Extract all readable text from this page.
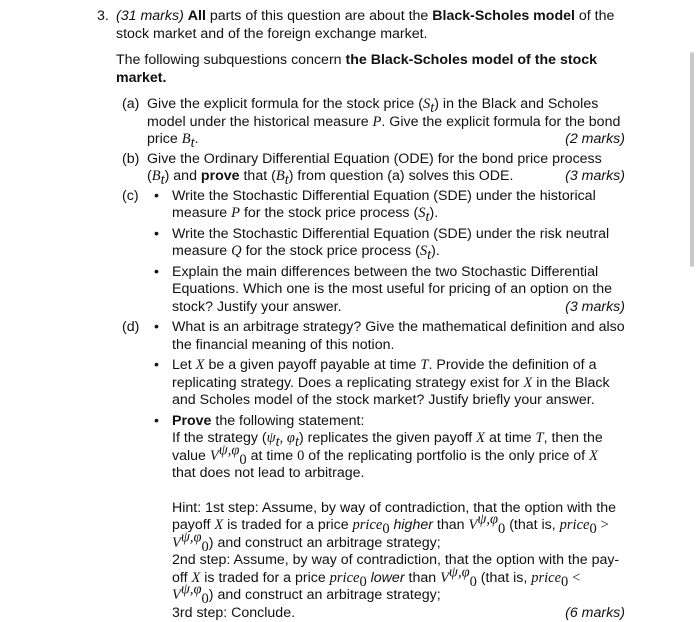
3. (31 marks) All parts of this question are about the Black-Scholes model of the stock market and of the foreign exchange market.

The following subquestions concern the Black-Scholes model of the stock market.

(a) Give the explicit formula for the stock price $(S_t)$ in the Black and Scholes model under the historical measure P. Give the explicit formula for the bond price $B_t$.	(2 marks)

(b) Give the Ordinary Differential Equation (ODE) for the bond price process $(B_t)$ and prove that $(B_t)$ from question (a) solves this ODE.	(3 marks)

(c) • Write the Stochastic Differential Equation (SDE) under the historical measure P for the stock price process $(S_t)$.
• Write the Stochastic Differential Equation (SDE) under the risk neutral measure Q for the stock price process $(S_t)$.
• Explain the main differences between the two Stochastic Differential Equations. Which one is the most useful for pricing of an option on the stock? Justify your answer.	(3 marks)
(d) • What is an arbitrage strategy? Give the mathematical definition and also the financial meaning of this notion.
• Let X be a given payoff payable at time T. Provide the definition of a replicating strategy. Does a replicating strategy exist for X in the Black and Scholes model of the stock market? Justify briefly your answer.
• Prove the following statement:
If the strategy ($\psi_t$, $\varphi_t$) replicates the given payoff X at time T, then the value $V^{\psi,\varphi}_0$ at time 0 of the replicating portfolio is the only price of X that does not lead to arbitrage.

Hint: 1st step: Assume, by way of contradiction, that the option with the payoff X is traded for a price price$_0$ higher than $V^{\psi,\varphi}_0$ (that is, price$_0$ > $V^{\psi,\varphi}_0$) and construct an arbitrage strategy;

2nd step: Assume, by way of contradiction, that the option with the pay-off X is traded for a price price$_0$ lower than $V^{\psi,\varphi}_0$ (that is, price$_0$ < $V^{\psi,\varphi}_0$) and construct an arbitrage strategy;

3rd step: Conclude.	(6 marks)
